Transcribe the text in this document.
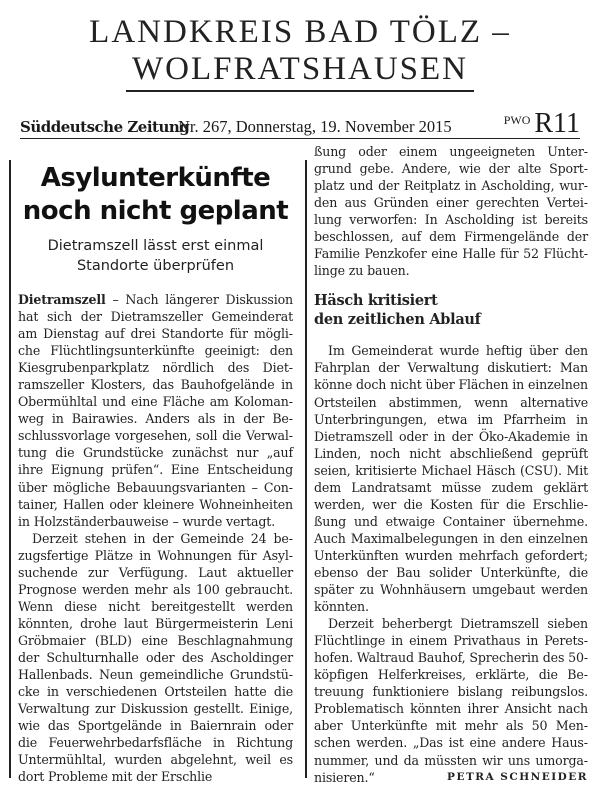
LANDKREIS BAD TÖLZ –
WOLFRATSHAUSEN
Süddeutsche Zeitung
Nr. 267, Donnerstag, 19. November 2015	$^{PWO}$ R11
Asylunterkünfte
noch nicht geplant
Dietramszell lässt erst einmal
Standorte überprüfen

Dietramszell – Nach längerer Diskussion hat sich der Dietramszeller Gemeinderat am Dienstag auf drei Standorte für mögliche Flüchtlingsunterkünfte geeinigt: den Kiesgrubenparkplatz nördlich des Dietramszeller Klosters, das Bauhofgelände in Obermühltal und eine Fläche am Kolomanweg in Bairawies. Anders als in der Beschlussvorlage vorgesehen, soll die Verwaltung die Grundstücke zunächst nur „auf ihre Eignung prüfen“. Eine Entscheidung über mögliche Bebauungsvarianten – Container, Hallen oder kleinere Wohneinheiten in Holzständerbauweise – wurde vertagt.

Derzeit stehen in der Gemeinde 24 bezugsfertige Plätze in Wohnungen für Asylsuchende zur Verfügung. Laut aktueller Prognose werden mehr als 100 gebraucht. Wenn diese nicht bereitgestellt werden könnten, drohe laut Bürgermeisterin Leni Gröbmaier (BLD) eine Beschlagnahmung der Schulturnhalle oder des Ascholdinger Hallenbads. Neun gemeindliche Grundstücke in verschiedenen Ortsteilen hatte die Verwaltung zur Diskussion gestellt. Einige, wie das Sportgelände in Baiernrain oder die Feuerwehrbedarfsfläche in Richtung Untermühltal, wurden abgelehnt, weil es dort Probleme mit der Erschlie

ßung oder einem ungeeigneten Untergrund gebe. Andere, wie der alte Sportplatz und der Reitplatz in Ascholding, wurden aus Gründen einer gerechten Verteilung verworfen: In Ascholding ist bereits beschlossen, auf dem Firmengelände der Familie Penzkofer eine Halle für 52 Flüchtlinge zu bauen.

Häsch kritisiert
den zeitlichen Ablauf

Im Gemeinderat wurde heftig über den Fahrplan der Verwaltung diskutiert: Man könne doch nicht über Flächen in einzelnen Ortsteilen abstimmen, wenn alternative Unterbringungen, etwa im Pfarrheim in Dietramszell oder in der Öko-Akademie in Linden, noch nicht abschließend geprüft seien, kritisierte Michael Häsch (CSU). Mit dem Landratsamt müsse zudem geklärt werden, wer die Kosten für die Erschließung und etwaige Container übernehme. Auch Maximalbelegungen in den einzelnen Unterkünften wurden mehrfach gefordert; ebenso der Bau solider Unterkünfte, die später zu Wohnhäusern umgebaut werden könnten.

Derzeit beherbergt Dietramszell sieben Flüchtlinge in einem Privathaus in Peretshofen. Waltraud Bauhof, Sprecherin des 50-köpfigen Helferkreises, erklärte, die Betreuung funktioniere bislang reibungslos. Problematisch könnten ihrer Ansicht nach aber Unterkünfte mit mehr als 50 Menschen werden. „Das ist eine andere Hausnummer, und da müssten wir uns umorganisieren.“	PETRA SCHNEIDER
